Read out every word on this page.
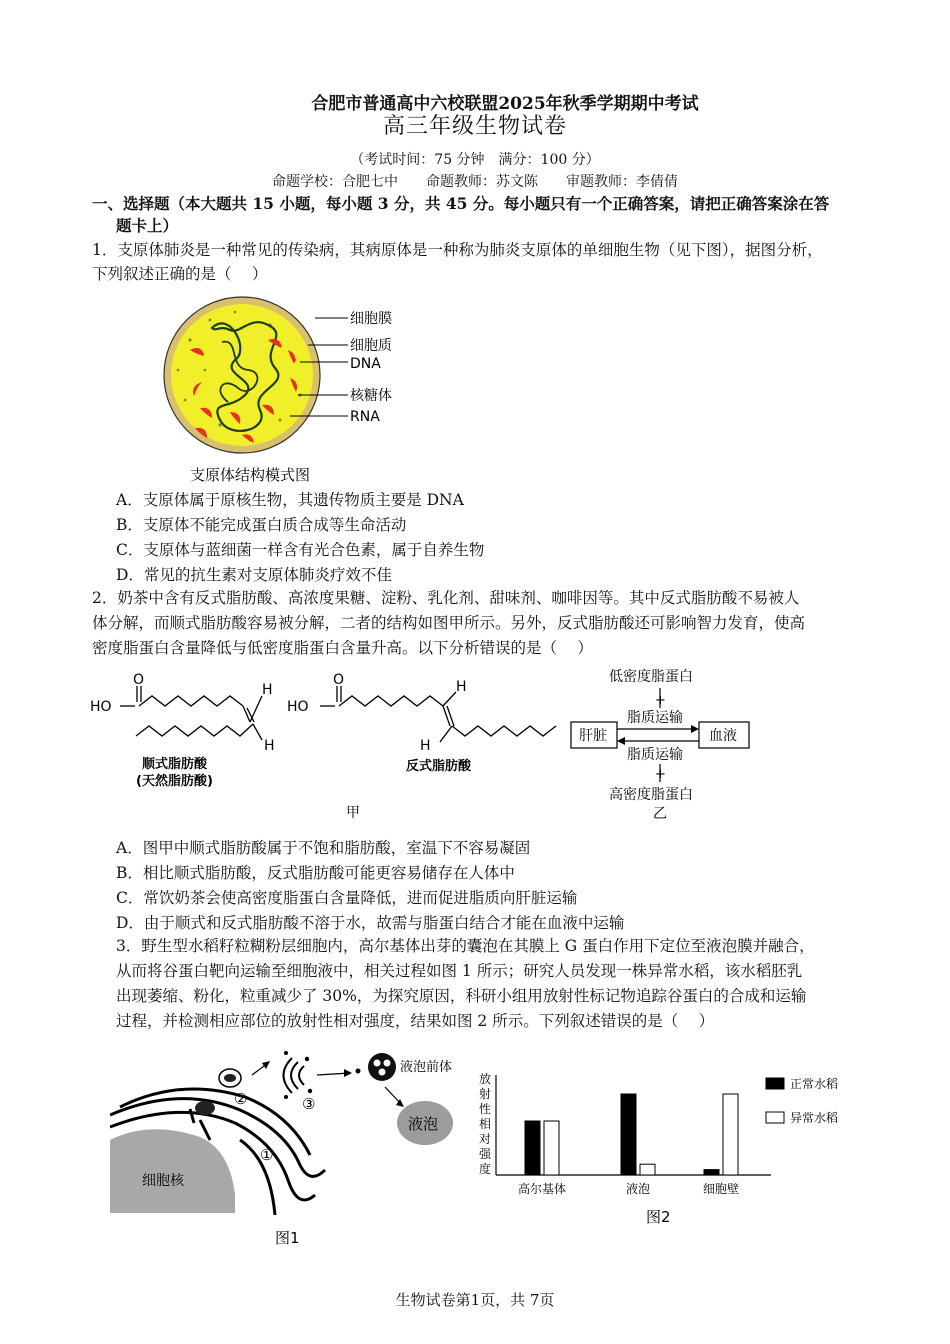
合肥市普通高中六校联盟2025年秋季学期期中考试
高三年级生物试卷
（考试时间：75 分钟　满分：100 分）
命题学校：合肥七中　　命题教师：苏文陈　　审题教师：李倩倩
一、选择题（本大题共 15 小题，每小题 3 分，共 45 分。每小题只有一个正确答案，请把正确答案涂在答
题卡上）
1．支原体肺炎是一种常见的传染病，其病原体是一种称为肺炎支原体的单细胞生物（见下图），据图分析，
下列叙述正确的是（　 ）
细胞膜
细胞质
DNA
核糖体
RNA
支原体结构模式图
A．支原体属于原核生物，其遗传物质主要是 DNA
B．支原体不能完成蛋白质合成等生命活动
C．支原体与蓝细菌一样含有光合色素，属于自养生物
D．常见的抗生素对支原体肺炎疗效不佳
2．奶茶中含有反式脂肪酸、高浓度果糖、淀粉、乳化剂、甜味剂、咖啡因等。其中反式脂肪酸不易被人
体分解，而顺式脂肪酸容易被分解，二者的结构如图甲所示。另外，反式脂肪酸还可影响智力发育，使高
密度脂蛋白含量降低与低密度脂蛋白含量升高。以下分析错误的是（　 ）
HO
O
H
H
HO
O	H
H
顺式脂肪酸
(天然脂肪酸)
反式脂肪酸
甲
低密度脂蛋白
+
脂质运输
肝脏	血液
脂质运输
+
高密度脂蛋白
乙
A．图甲中顺式脂肪酸属于不饱和脂肪酸，室温下不容易凝固
B．相比顺式脂肪酸，反式脂肪酸可能更容易储存在人体中
C．常饮奶茶会使高密度脂蛋白含量降低，进而促进脂质向肝脏运输
D．由于顺式和反式脂肪酸不溶于水，故需与脂蛋白结合才能在血液中运输
3．野生型水稻籽粒糊粉层细胞内，高尔基体出芽的囊泡在其膜上 G 蛋白作用下定位至液泡膜并融合，
从而将谷蛋白靶向运输至细胞液中，相关过程如图 1 所示；研究人员发现一株异常水稻，该水稻胚乳
出现萎缩、粉化，粒重减少了 30%，为探究原因，科研小组用放射性标记物追踪谷蛋白的合成和运输
过程，并检测相应部位的放射性相对强度，结果如图 2 所示。下列叙述错误的是（　 ）
液泡前体
液泡
细胞核
①
②	③
图1
放
射
性
相
对
强
度
高尔基体	液泡	细胞壁
正常水稻
异常水稻
图2
生物试卷第1页，共 7页
